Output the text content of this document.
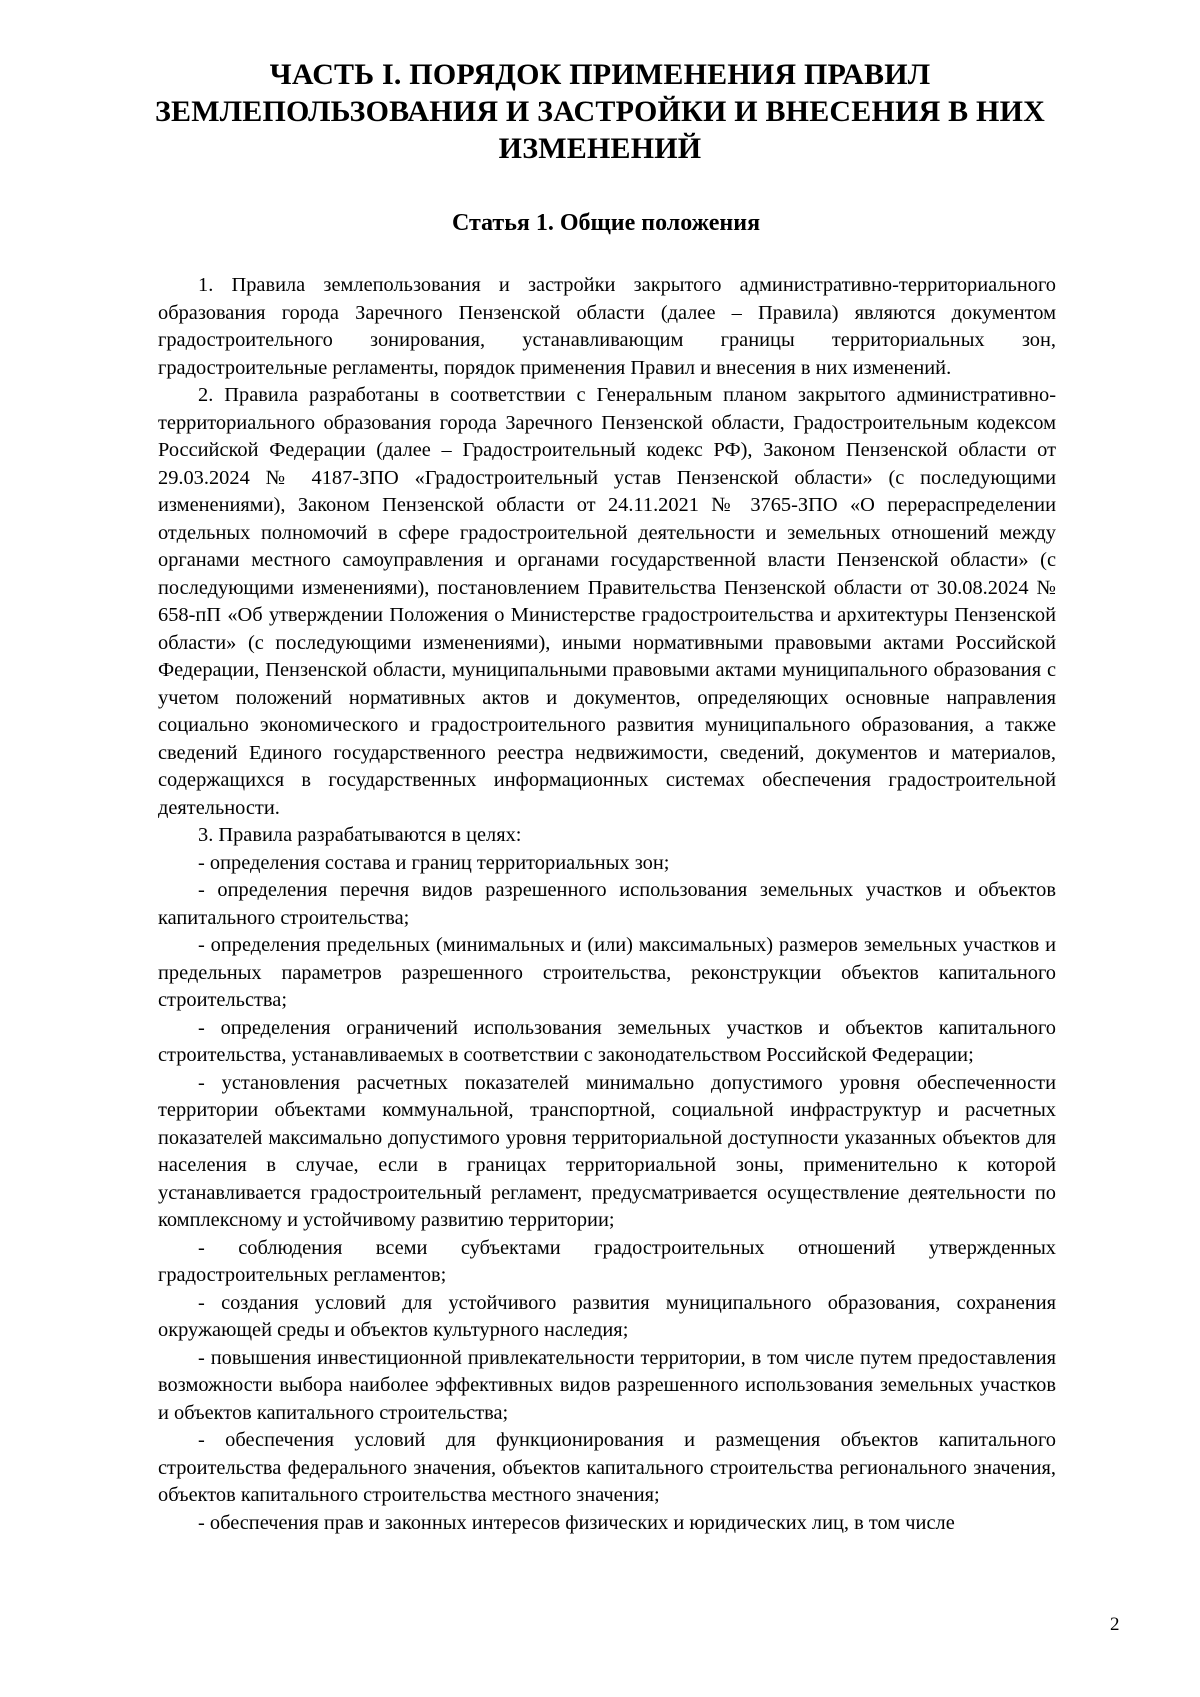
ЧАСТЬ I. ПОРЯДОК ПРИМЕНЕНИЯ ПРАВИЛ ЗЕМЛЕПОЛЬЗОВАНИЯ И ЗАСТРОЙКИ И ВНЕСЕНИЯ В НИХ ИЗМЕНЕНИЙ
Статья 1. Общие положения

1. Правила землепользования и застройки закрытого административно-территориального образования города Заречного Пензенской области (далее – Правила) являются документом градостроительного зонирования, устанавливающим границы территориальных зон, градостроительные регламенты, порядок применения Правил и внесения в них изменений.

2. Правила разработаны в соответствии с Генеральным планом закрытого административно-территориального образования города Заречного Пензенской области, Градостроительным кодексом Российской Федерации (далее – Градостроительный кодекс РФ), Законом Пензенской области от 29.03.2024 № 4187-ЗПО «Градостроительный устав Пензенской области» (с последующими изменениями), Законом Пензенской области от 24.11.2021 № 3765-ЗПО «О перераспределении отдельных полномочий в сфере градостроительной деятельности и земельных отношений между органами местного самоуправления и органами государственной власти Пензенской области» (с последующими изменениями), постановлением Правительства Пензенской области от 30.08.2024 № 658-пП «Об утверждении Положения о Министерстве градостроительства и архитектуры Пензенской области» (с последующими изменениями), иными нормативными правовыми актами Российской Федерации, Пензенской области, муниципальными правовыми актами муниципального образования с учетом положений нормативных актов и документов, определяющих основные направления социально экономического и градостроительного развития муниципального образования, а также сведений Единого государственного реестра недвижимости, сведений, документов и материалов, содержащихся в государственных информационных системах обеспечения градостроительной деятельности.

3. Правила разрабатываются в целях:

- определения состава и границ территориальных зон;

- определения перечня видов разрешенного использования земельных участков и объектов капитального строительства;

- определения предельных (минимальных и (или) максимальных) размеров земельных участков и предельных параметров разрешенного строительства, реконструкции объектов капитального строительства;

- определения ограничений использования земельных участков и объектов капитального строительства, устанавливаемых в соответствии с законодательством Российской Федерации;

- установления расчетных показателей минимально допустимого уровня обеспеченности территории объектами коммунальной, транспортной, социальной инфраструктур и расчетных показателей максимально допустимого уровня территориальной доступности указанных объектов для населения в случае, если в границах территориальной зоны, применительно к которой устанавливается градостроительный регламент, предусматривается осуществление деятельности по комплексному и устойчивому развитию территории;

- соблюдения всеми субъектами градостроительных отношений утвержденных градостроительных регламентов;

- создания условий для устойчивого развития муниципального образования, сохранения окружающей среды и объектов культурного наследия;

- повышения инвестиционной привлекательности территории, в том числе путем предоставления возможности выбора наиболее эффективных видов разрешенного использования земельных участков и объектов капитального строительства;

- обеспечения условий для функционирования и размещения объектов капитального строительства федерального значения, объектов капитального строительства регионального значения, объектов капитального строительства местного значения;

- обеспечения прав и законных интересов физических и юридических лиц, в том числе

2
